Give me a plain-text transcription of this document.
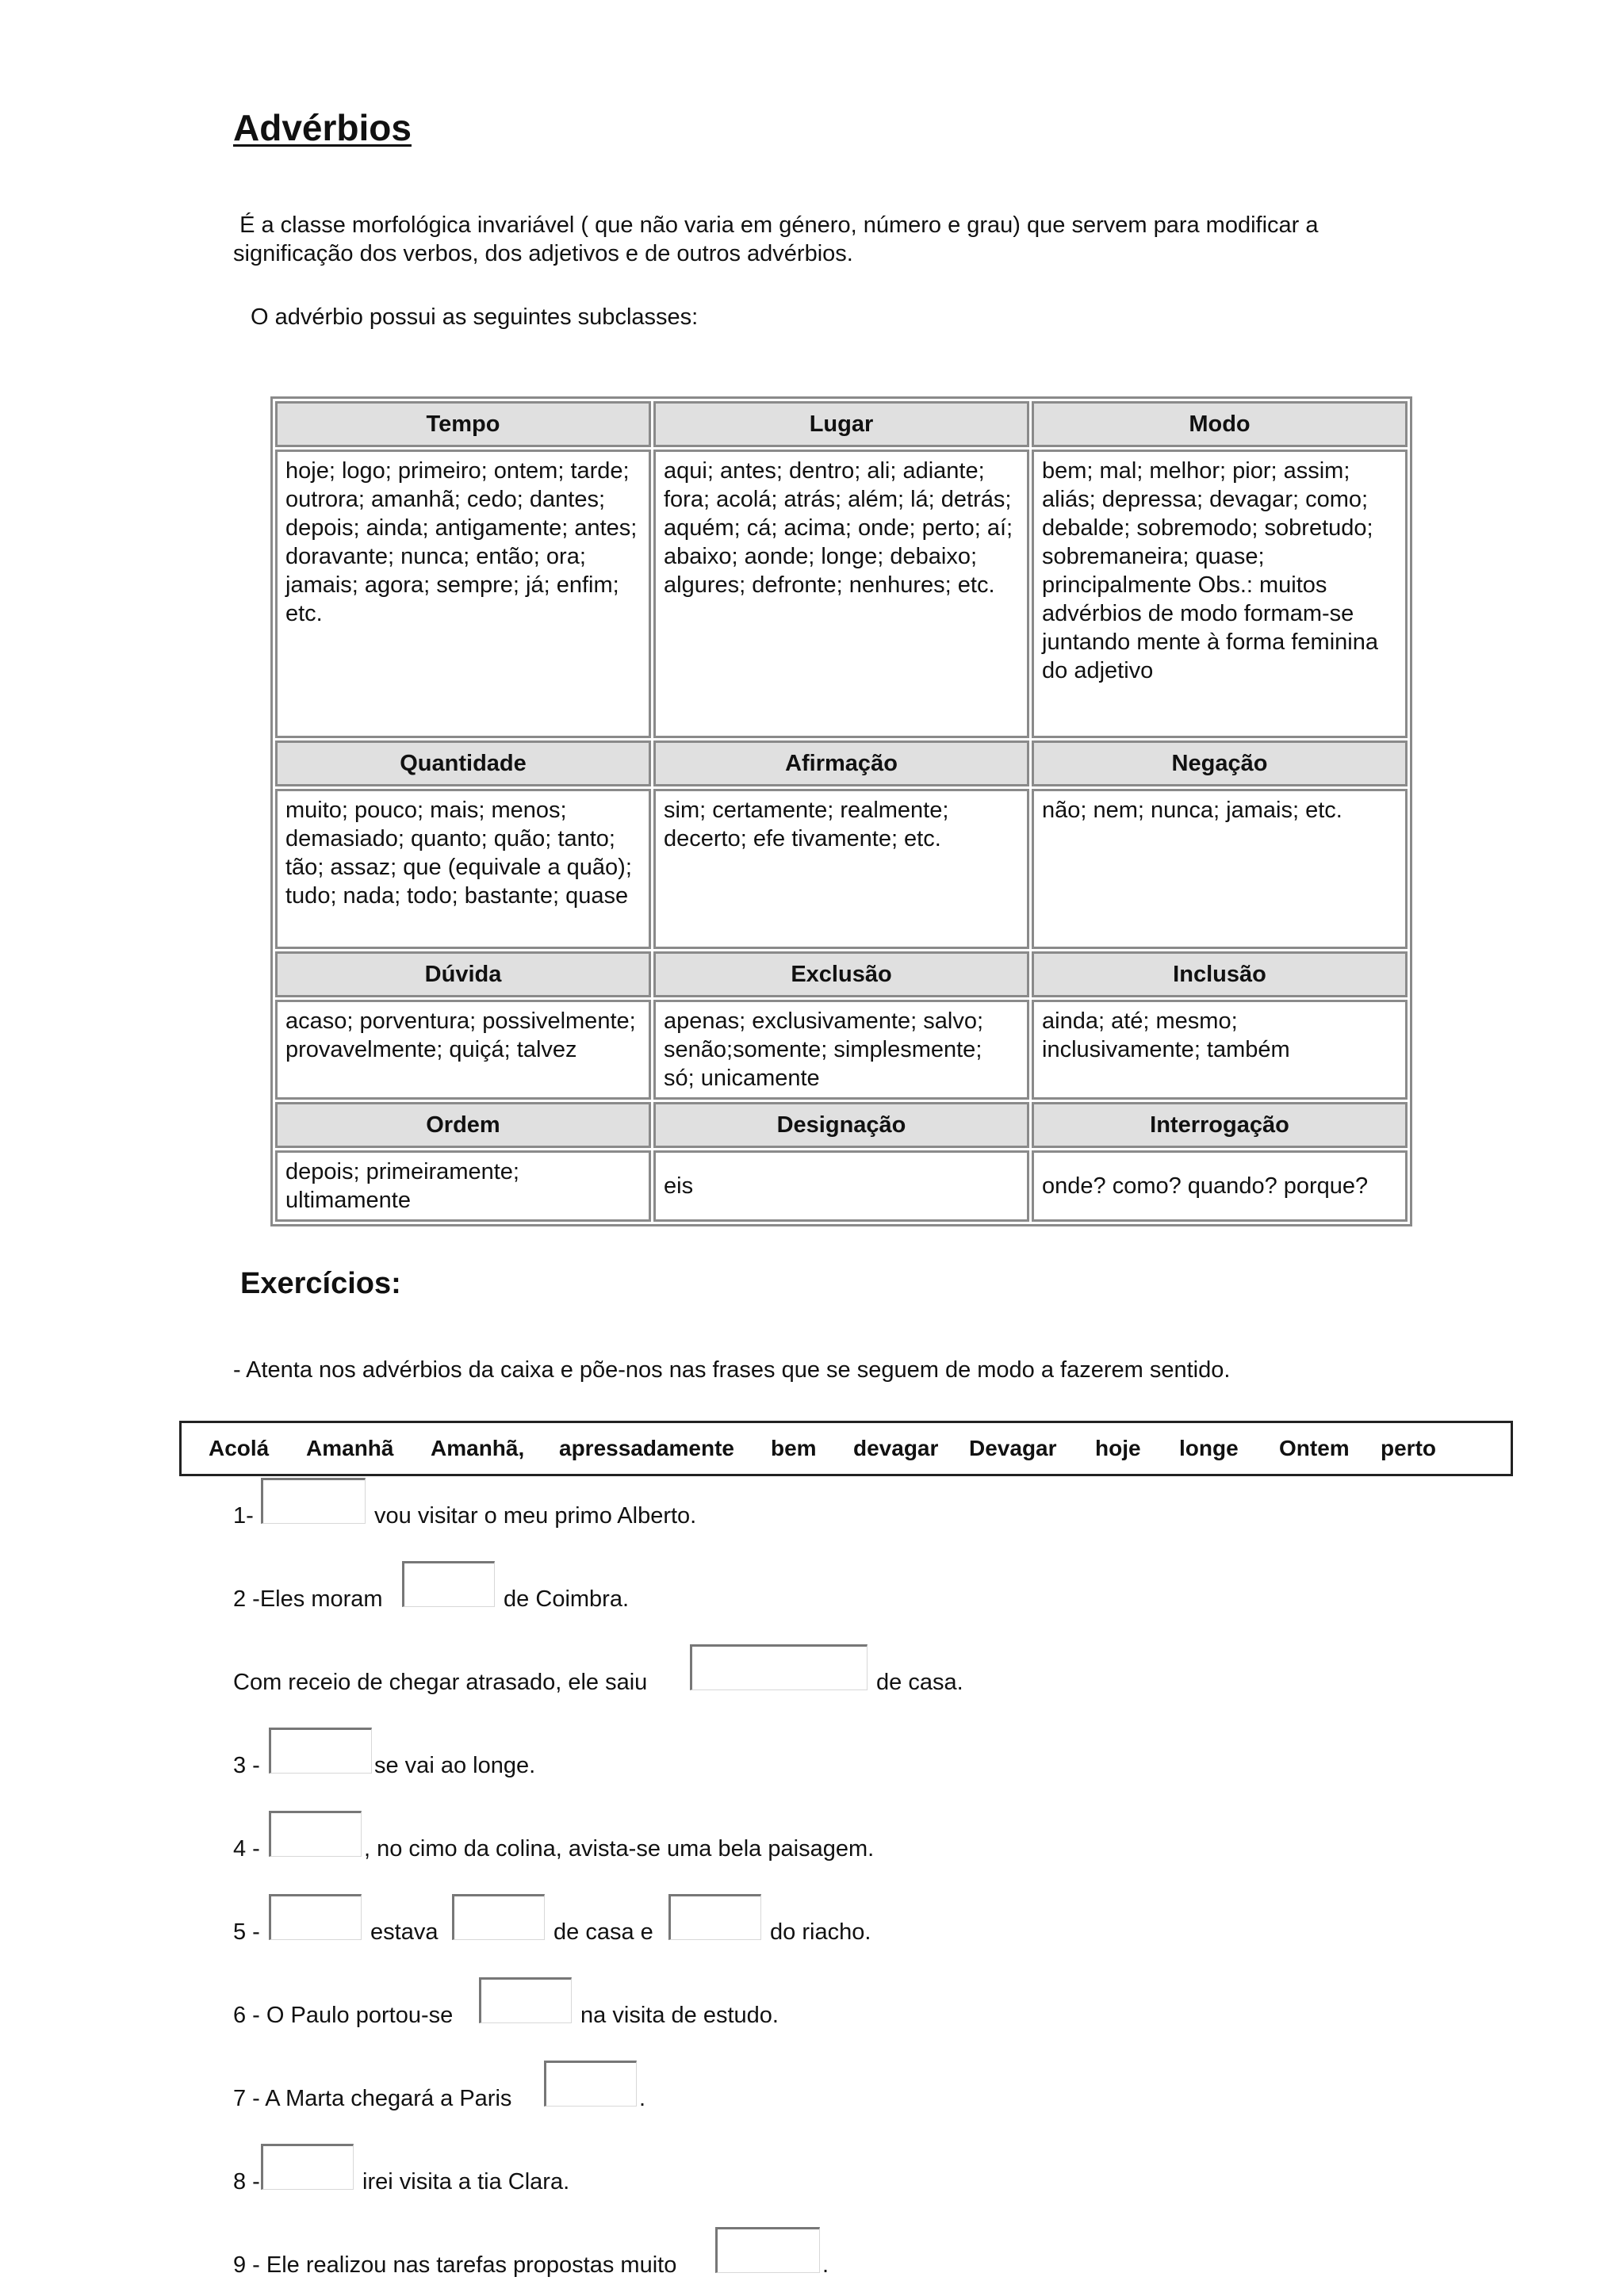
Advérbios

É a classe morfológica invariável ( que não varia em género, número e grau) que servem para modificar a significação dos verbos, dos adjetivos e de outros advérbios.

O advérbio possui as seguintes subclasses:

Tempo	Lugar	Modo
hoje; logo; primeiro; ontem; tarde; outrora; amanhã; cedo; dantes; depois; ainda; antigamente; antes; doravante; nunca; então; ora; jamais; agora; sempre; já; enfim; etc.	aqui; antes; dentro; ali; adiante; fora; acolá; atrás; além; lá; detrás; aquém; cá; acima; onde; perto; aí; abaixo; aonde; longe; debaixo; algures; defronte; nenhures; etc.	bem; mal; melhor; pior; assim; aliás; depressa; devagar; como; debalde; sobremodo; sobretudo; sobremaneira; quase; principalmente Obs.: muitos advérbios de modo formam-se juntando mente à forma feminina do adjetivo
Quantidade	Afirmação	Negação
muito; pouco; mais; menos; demasiado; quanto; quão; tanto; tão; assaz; que (equivale a quão); tudo; nada; todo; bastante; quase	sim; certamente; realmente; decerto; efe tivamente; etc.	não; nem; nunca; jamais; etc.
Dúvida	Exclusão	Inclusão
acaso; porventura; possivelmente; provavelmente; quiçá; talvez	apenas; exclusivamente; salvo; senão;somente; simplesmente; só; unicamente	ainda; até; mesmo; inclusivamente; também
Ordem	Designação	Interrogação
depois; primeiramente; ultimamente	eis	onde? como? quando? porque?
Exercícios:

- Atenta nos advérbios da caixa e põe-nos nas frases que se seguem de modo a fazerem sentido.

Acolá Amanhã Amanhã, apressadamente bem devagar Devagar hoje longe Ontem perto
1-	vou visitar o meu primo Alberto.
2 -Eles moram	de Coimbra.
Com receio de chegar atrasado, ele saiu	de casa.
3 -	se vai ao longe.
4 -	, no cimo da colina, avista-se uma bela paisagem.
5 -	estava	de casa e	do riacho.
6 - O Paulo portou-se	na visita de estudo.
7 - A Marta chegará a Paris	.
8 -	irei visita a tia Clara.
9 - Ele realizou nas tarefas propostas muito	.
